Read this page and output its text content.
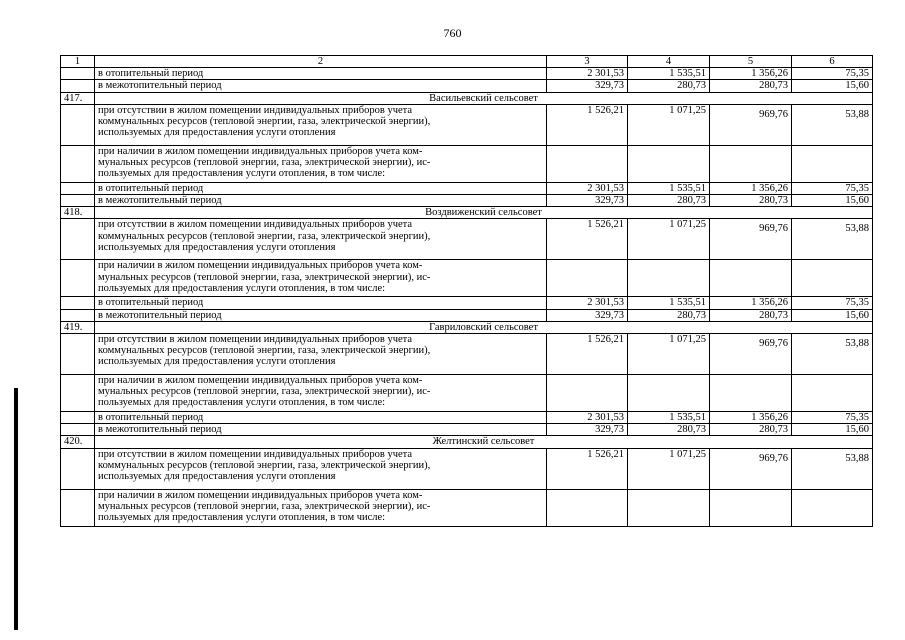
760
1	2	3	4	5	6
	в отопительный период	2 301,53	1 535,51	1 356,26	75,35
	в межотопительный период	329,73	280,73	280,73	15,60
417.	Васильевский сельсовет				

	при отсутствии в жилом помещении индивидуальных приборов учета
коммунальных ресурсов (тепловой энергии, газа, электрической энергии),
используемых для предоставления услуги отопления	1 526,21	1 071,25	969,76	53,88

	при наличии в жилом помещении индивидуальных приборов учета ком-
мунальных ресурсов (тепловой энергии, газа, электрической энергии), ис-
пользуемых для предоставления услуги отопления, в том числе:				

	в отопительный период	2 301,53	1 535,51	1 356,26	75,35
	в межотопительный период	329,73	280,73	280,73	15,60
418.	Воздвиженский сельсовет				

	при отсутствии в жилом помещении индивидуальных приборов учета
коммунальных ресурсов (тепловой энергии, газа, электрической энергии),
используемых для предоставления услуги отопления	1 526,21	1 071,25	969,76	53,88

	при наличии в жилом помещении индивидуальных приборов учета ком-
мунальных ресурсов (тепловой энергии, газа, электрической энергии), ис-
пользуемых для предоставления услуги отопления, в том числе:				

	в отопительный период	2 301,53	1 535,51	1 356,26	75,35
	в межотопительный период	329,73	280,73	280,73	15,60
419.	Гавриловский сельсовет				

	при отсутствии в жилом помещении индивидуальных приборов учета
коммунальных ресурсов (тепловой энергии, газа, электрической энергии),
используемых для предоставления услуги отопления	1 526,21	1 071,25	969,76	53,88

	при наличии в жилом помещении индивидуальных приборов учета ком-
мунальных ресурсов (тепловой энергии, газа, электрической энергии), ис-
пользуемых для предоставления услуги отопления, в том числе:				

	в отопительный период	2 301,53	1 535,51	1 356,26	75,35
	в межотопительный период	329,73	280,73	280,73	15,60
420.	Желтинский сельсовет				

	при отсутствии в жилом помещении индивидуальных приборов учета
коммунальных ресурсов (тепловой энергии, газа, электрической энергии),
используемых для предоставления услуги отопления	1 526,21	1 071,25	969,76	53,88

	при наличии в жилом помещении индивидуальных приборов учета ком-
мунальных ресурсов (тепловой энергии, газа, электрической энергии), ис-
пользуемых для предоставления услуги отопления, в том числе:				
